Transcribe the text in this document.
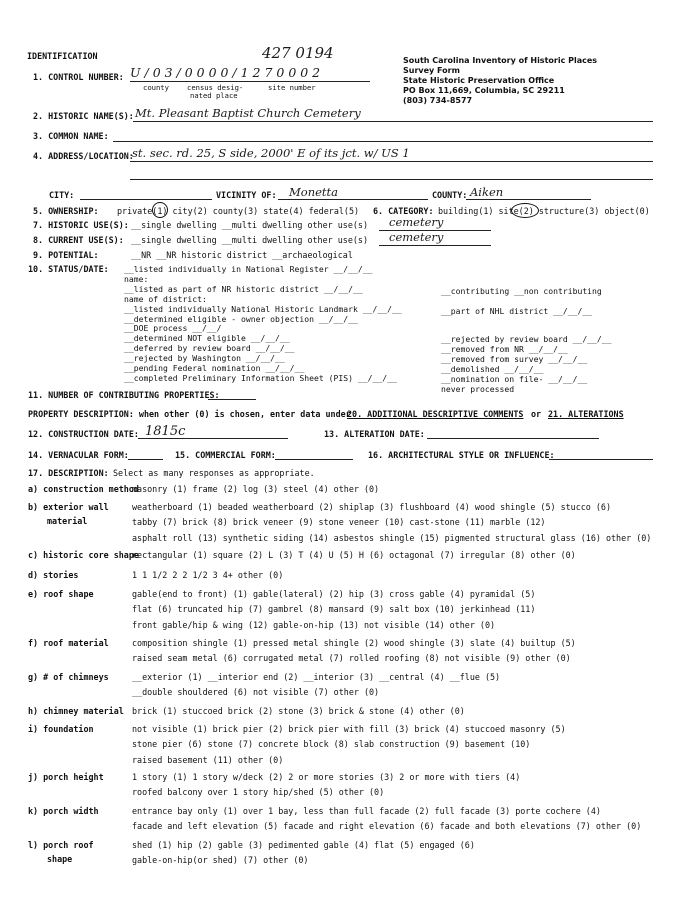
IDENTIFICATION	427 0194	South Carolina Inventory of Historic Places
Survey Form
State Historic Preservation Office
PO Box 11,669, Columbia, SC 29211
(803) 734-8577
1. CONTROL NUMBER: U / 0 3 / 0 0 0 0 / 1 2 7 0 0 0 2
county	census desig-
nated place
site number
2. HISTORIC NAME(S): Mt. Pleasant Baptist Church Cemetery
3. COMMON NAME:
4. ADDRESS/LOCATION:
st. sec. rd. 25, S side, 2000' E of its jct. w/ US 1
CITY:	VICINITY OF: Monetta	COUNTY: Aiken
5. OWNERSHIP: private(1) city(2) county(3) state(4) federal(5) 6. CATEGORY: building(1) site(2) structure(3) object(0)
7. HISTORIC USE(S): __single dwelling __multi dwelling other use(s) cemetery
8. CURRENT USE(S): __single dwelling __multi dwelling other use(s) cemetery
9. POTENTIAL:	__NR __NR historic district __archaeological
10. STATUS/DATE: __listed individually in National Register __/__/__
name:
__listed as part of NR historic district __/__/__
name of district:
__listed individually National Historic Landmark __/__/__
__determined eligible - owner objection __/__/__
__DOE process __/__/
__determined NOT eligible __/__/__
__deferred by review board __/__/__
__rejected by Washington __/__/__
__pending Federal nomination __/__/__
__completed Preliminary Information Sheet (PIS) __/__/__
__contributing __non contributing
__part of NHL district __/__/__
__rejected by review board __/__/__
__removed from NR __/__/__
__removed from survey __/__/__
__demolished __/__/__
__nomination on file- __/__/__
never processed
11. NUMBER OF CONTRIBUTING PROPERTIES:
PROPERTY DESCRIPTION: when other (0) is chosen, enter data under
20. ADDITIONAL DESCRIPTIVE COMMENTS or 21. ALTERATIONS
12. CONSTRUCTION DATE: 1815c	13. ALTERATION DATE:
14. VERNACULAR FORM:	15. COMMERCIAL FORM:	16. ARCHITECTURAL STYLE OR INFLUENCE:
17. DESCRIPTION: Select as many responses as appropriate.
a) construction method
masonry (1) frame (2) log (3) steel (4) other (0)
b) exterior wall
material
weatherboard (1) beaded weatherboard (2) shiplap (3) flushboard (4) wood shingle (5) stucco (6)
tabby (7) brick (8) brick veneer (9) stone veneer (10) cast-stone (11) marble (12)
asphalt roll (13) synthetic siding (14) asbestos shingle (15) pigmented structural glass (16) other (0)
c) historic core shape
rectangular (1) square (2) L (3) T (4) U (5) H (6) octagonal (7) irregular (8) other (0)
d) stories	1 1 1/2 2 2 1/2 3 4+ other (0)
e) roof shape	gable(end to front) (1) gable(lateral) (2) hip (3) cross gable (4) pyramidal (5)
flat (6) truncated hip (7) gambrel (8) mansard (9) salt box (10) jerkinhead (11)
front gable/hip & wing (12) gable-on-hip (13) not visible (14) other (0)
f) roof material	composition shingle (1) pressed metal shingle (2) wood shingle (3) slate (4) builtup (5)
raised seam metal (6) corrugated metal (7) rolled roofing (8) not visible (9) other (0)
g) # of chimneys	__exterior (1) __interior end (2) __interior (3) __central (4) __flue (5)
__double shouldered (6) not visible (7) other (0)
h) chimney material brick (1) stuccoed brick (2) stone (3) brick & stone (4) other (0)
i) foundation	not visible (1) brick pier (2) brick pier with fill (3) brick (4) stuccoed masonry (5)
stone pier (6) stone (7) concrete block (8) slab construction (9) basement (10)
raised basement (11) other (0)
j) porch height	1 story (1) 1 story w/deck (2) 2 or more stories (3) 2 or more with tiers (4)
roofed balcony over 1 story hip/shed (5) other (0)
k) porch width	entrance bay only (1) over 1 bay, less than full facade (2) full facade (3) porte cochere (4)
facade and left elevation (5) facade and right elevation (6) facade and both elevations (7) other (0)
l) porch roof
shape
shed (1) hip (2) gable (3) pedimented gable (4) flat (5) engaged (6)
gable-on-hip(or shed) (7) other (0)
